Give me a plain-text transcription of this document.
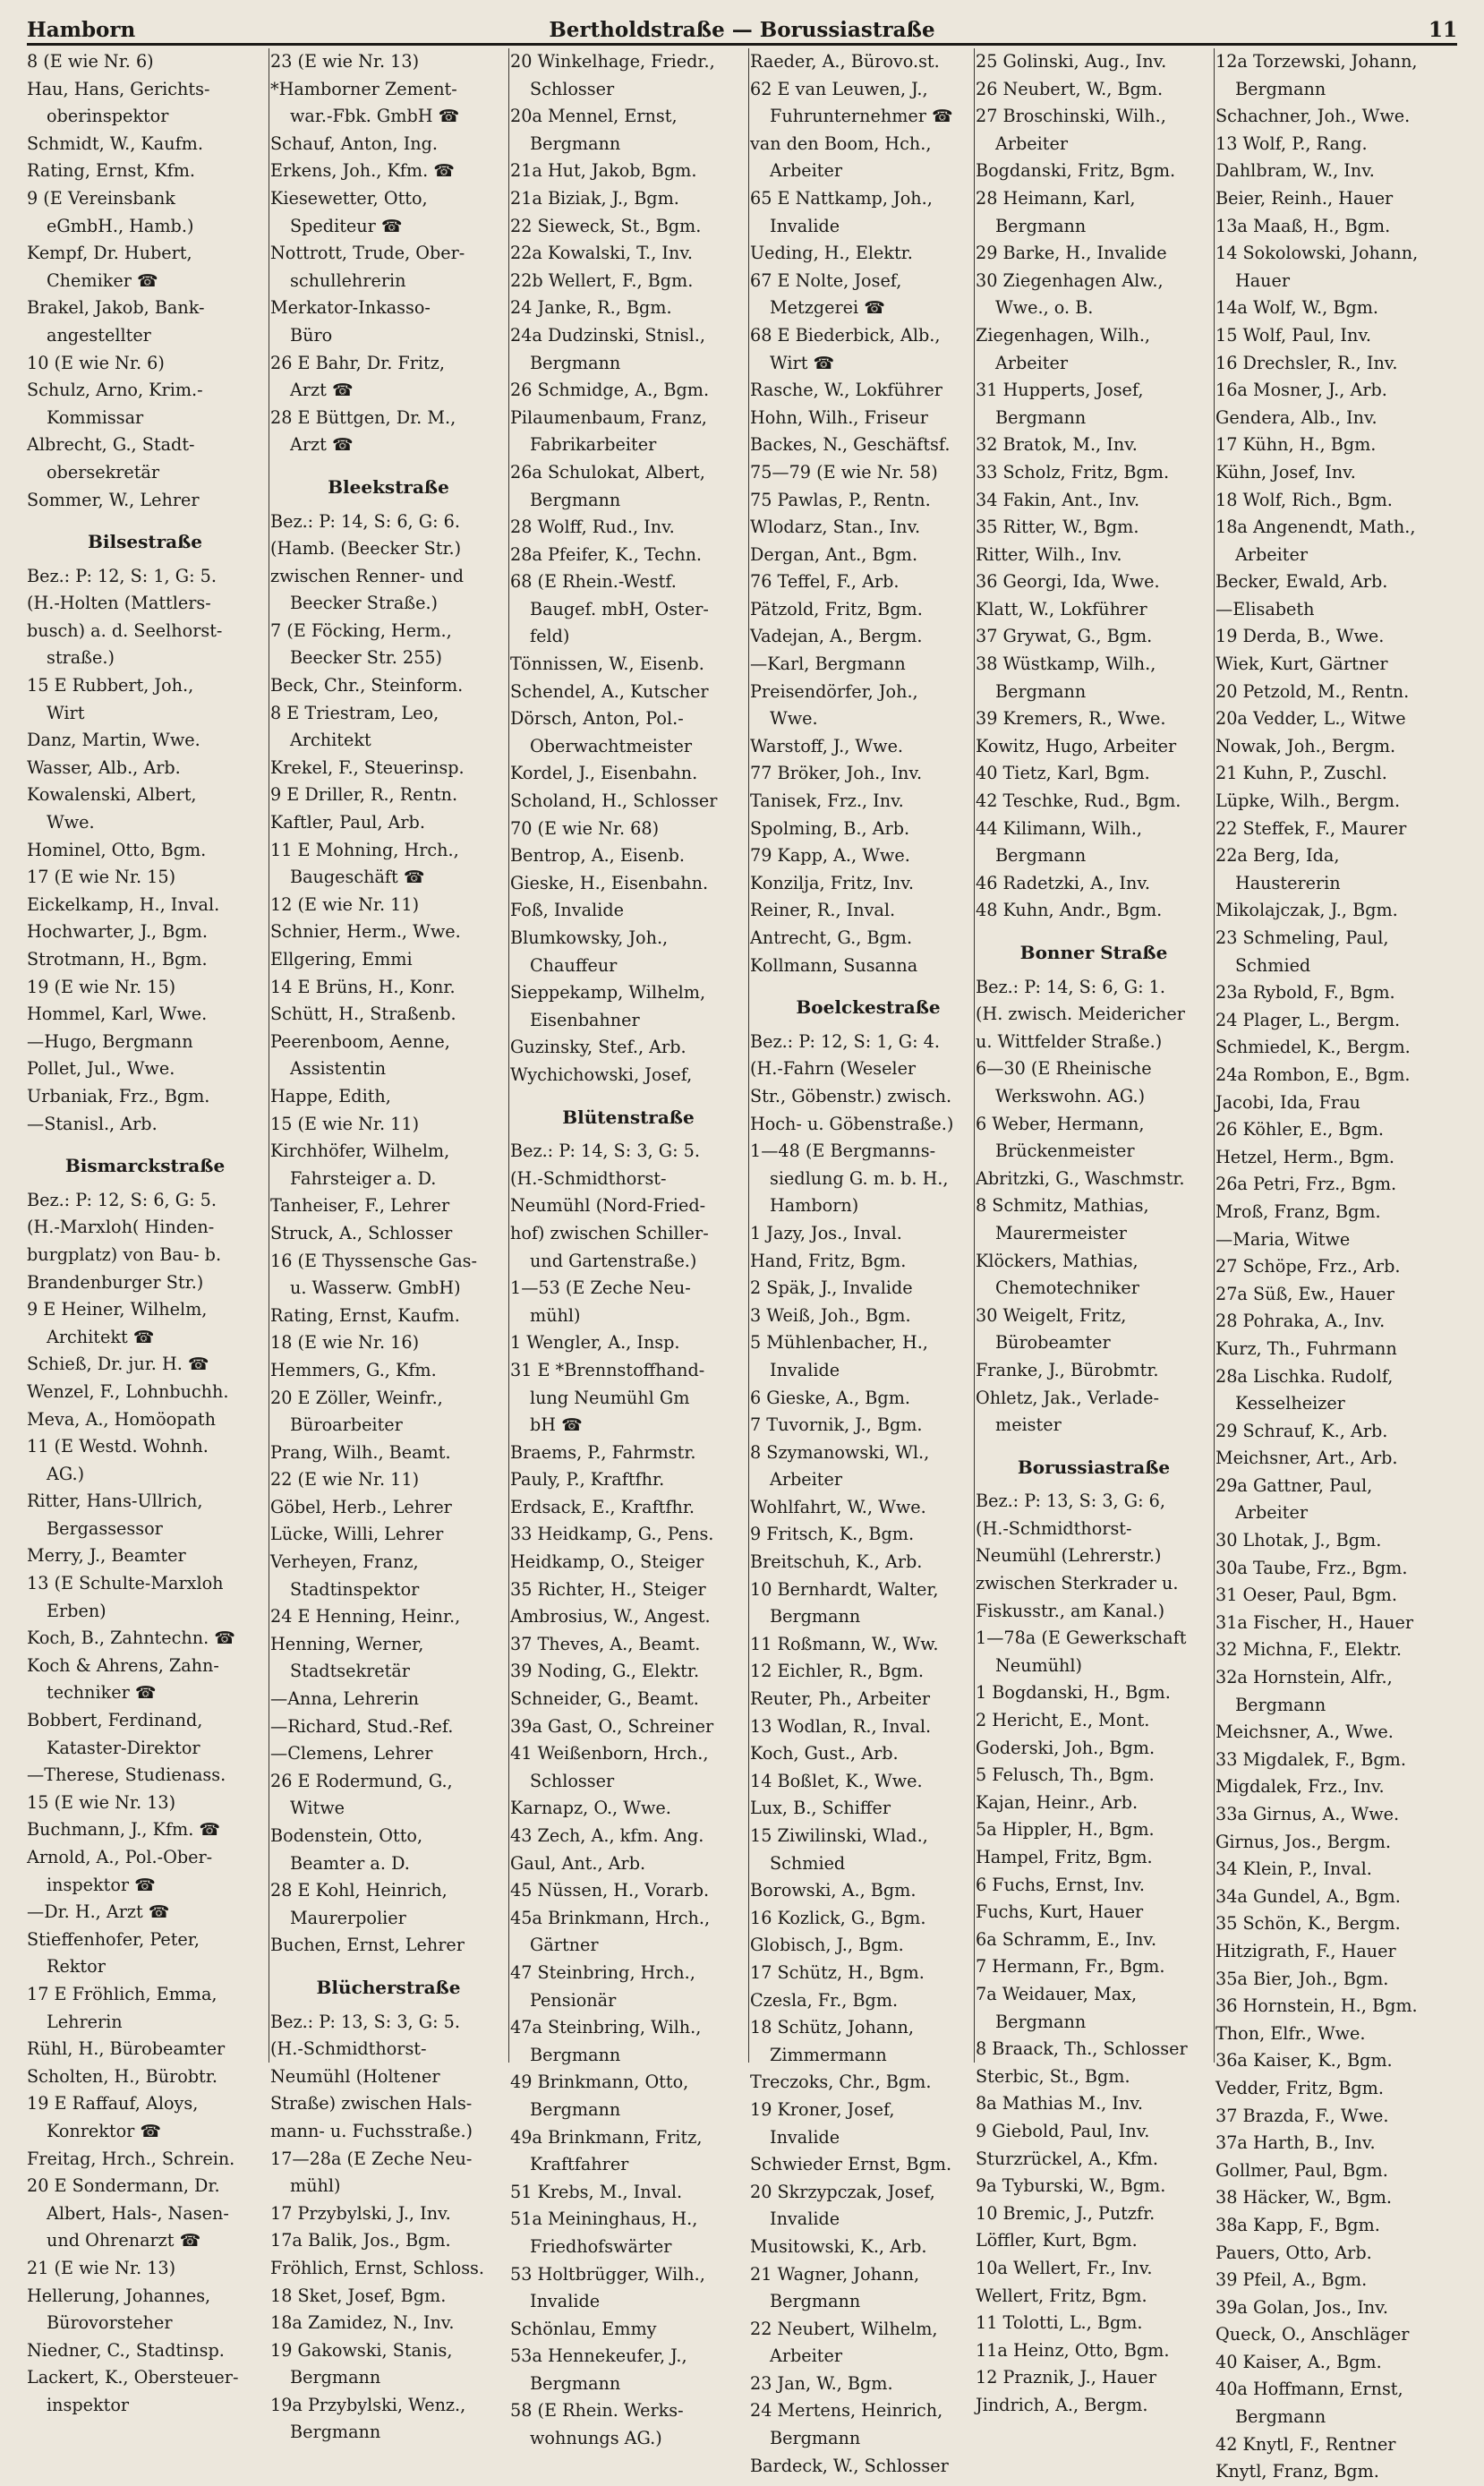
Hamborn	Bertholdstraße — Borussiastraße	11
8 (E wie Nr. 6)
Hau, Hans, Gerichts-
oberinspektor
Schmidt, W., Kaufm.
Rating, Ernst, Kfm.
9 (E Vereinsbank
eGmbH., Hamb.)
Kempf, Dr. Hubert,
Chemiker ☎
Brakel, Jakob, Bank-
angestellter
10 (E wie Nr. 6)
Schulz, Arno, Krim.-
Kommissar
Albrecht, G., Stadt-
obersekretär
Sommer, W., Lehrer
Bilsestraße
Bez.: P: 12, S: 1, G: 5.
(H.-Holten (Mattlers-
busch) a. d. Seelhorst-
straße.)
15 E Rubbert, Joh.,
Wirt
Danz, Martin, Wwe.
Wasser, Alb., Arb.
Kowalenski, Albert,
Wwe.
Hominel, Otto, Bgm.
17 (E wie Nr. 15)
Eickelkamp, H., Inval.
Hochwarter, J., Bgm.
Strotmann, H., Bgm.
19 (E wie Nr. 15)
Hommel, Karl, Wwe.
—Hugo, Bergmann
Pollet, Jul., Wwe.
Urbaniak, Frz., Bgm.
—Stanisl., Arb.
Bismarckstraße
Bez.: P: 12, S: 6, G: 5.
(H.-Marxloh( Hinden-
burgplatz) von Bau- b.
Brandenburger Str.)
9 E Heiner, Wilhelm,
Architekt ☎
Schieß, Dr. jur. H. ☎
Wenzel, F., Lohnbuchh.
Meva, A., Homöopath
11 (E Westd. Wohnh.
AG.)
Ritter, Hans-Ullrich,
Bergassessor
Merry, J., Beamter
13 (E Schulte-Marxloh
Erben)
Koch, B., Zahntechn. ☎
Koch & Ahrens, Zahn-
techniker ☎
Bobbert, Ferdinand,
Kataster-Direktor
—Therese, Studienass.
15 (E wie Nr. 13)
Buchmann, J., Kfm. ☎
Arnold, A., Pol.-Ober-
inspektor ☎
—Dr. H., Arzt ☎
Stieffenhofer, Peter,
Rektor
17 E Fröhlich, Emma,
Lehrerin
Rühl, H., Bürobeamter
Scholten, H., Bürobtr.
19 E Raffauf, Aloys,
Konrektor ☎
Freitag, Hrch., Schrein.
20 E Sondermann, Dr.
Albert, Hals-, Nasen-
und Ohrenarzt ☎
21 (E wie Nr. 13)
Hellerung, Johannes,
Bürovorsteher
Niedner, C., Stadtinsp.
Lackert, K., Obersteuer-
inspektor
23 (E wie Nr. 13)
*Hamborner Zement-
war.-Fbk. GmbH ☎
Schauf, Anton, Ing.
Erkens, Joh., Kfm. ☎
Kiesewetter, Otto,
Spediteur ☎
Nottrott, Trude, Ober-
schullehrerin
Merkator-Inkasso-
Büro
26 E Bahr, Dr. Fritz,
Arzt ☎
28 E Büttgen, Dr. M.,
Arzt ☎
Bleekstraße
Bez.: P: 14, S: 6, G: 6.
(Hamb. (Beecker Str.)
zwischen Renner- und
Beecker Straße.)
7 (E Föcking, Herm.,
Beecker Str. 255)
Beck, Chr., Steinform.
8 E Triestram, Leo,
Architekt
Krekel, F., Steuerinsp.
9 E Driller, R., Rentn.
Kaftler, Paul, Arb.
11 E Mohning, Hrch.,
Baugeschäft ☎
12 (E wie Nr. 11)
Schnier, Herm., Wwe.
Ellgering, Emmi
14 E Brüns, H., Konr.
Schütt, H., Straßenb.
Peerenboom, Aenne,
Assistentin
Happe, Edith,
15 (E wie Nr. 11)
Kirchhöfer, Wilhelm,
Fahrsteiger a. D.
Tanheiser, F., Lehrer
Struck, A., Schlosser
16 (E Thyssensche Gas-
u. Wasserw. GmbH)
Rating, Ernst, Kaufm.
18 (E wie Nr. 16)
Hemmers, G., Kfm.
20 E Zöller, Weinfr.,
Büroarbeiter
Prang, Wilh., Beamt.
22 (E wie Nr. 11)
Göbel, Herb., Lehrer
Lücke, Willi, Lehrer
Verheyen, Franz,
Stadtinspektor
24 E Henning, Heinr.,
Henning, Werner,
Stadtsekretär
—Anna, Lehrerin
—Richard, Stud.-Ref.
—Clemens, Lehrer
26 E Rodermund, G.,
Witwe
Bodenstein, Otto,
Beamter a. D.
28 E Kohl, Heinrich,
Maurerpolier
Buchen, Ernst, Lehrer
Blücherstraße
Bez.: P: 13, S: 3, G: 5.
(H.-Schmidthorst-
Neumühl (Holtener
Straße) zwischen Hals-
mann- u. Fuchsstraße.)
17—28a (E Zeche Neu-
mühl)
17 Przybylski, J., Inv.
17a Balik, Jos., Bgm.
Fröhlich, Ernst, Schloss.
18 Sket, Josef, Bgm.
18a Zamidez, N., Inv.
19 Gakowski, Stanis,
Bergmann
19a Przybylski, Wenz.,
Bergmann
20 Winkelhage, Friedr.,
Schlosser
20a Mennel, Ernst,
Bergmann
21a Hut, Jakob, Bgm.
21a Biziak, J., Bgm.
22 Sieweck, St., Bgm.
22a Kowalski, T., Inv.
22b Wellert, F., Bgm.
24 Janke, R., Bgm.
24a Dudzinski, Stnisl.,
Bergmann
26 Schmidge, A., Bgm.
Pilaumenbaum, Franz,
Fabrikarbeiter
26a Schulokat, Albert,
Bergmann
28 Wolff, Rud., Inv.
28a Pfeifer, K., Techn.
68 (E Rhein.-Westf.
Baugef. mbH, Oster-
feld)
Tönnissen, W., Eisenb.
Schendel, A., Kutscher
Dörsch, Anton, Pol.-
Oberwachtmeister
Kordel, J., Eisenbahn.
Scholand, H., Schlosser
70 (E wie Nr. 68)
Bentrop, A., Eisenb.
Gieske, H., Eisenbahn.
Foß, Invalide
Blumkowsky, Joh.,
Chauffeur
Sieppekamp, Wilhelm,
Eisenbahner
Guzinsky, Stef., Arb.
Wychichowski, Josef,
Blütenstraße
Bez.: P: 14, S: 3, G: 5.
(H.-Schmidthorst-
Neumühl (Nord-Fried-
hof) zwischen Schiller-
und Gartenstraße.)
1—53 (E Zeche Neu-
mühl)
1 Wengler, A., Insp.
31 E *Brennstoffhand-
lung Neumühl Gm
bH ☎
Braems, P., Fahrmstr.
Pauly, P., Kraftfhr.
Erdsack, E., Kraftfhr.
33 Heidkamp, G., Pens.
Heidkamp, O., Steiger
35 Richter, H., Steiger
Ambrosius, W., Angest.
37 Theves, A., Beamt.
39 Noding, G., Elektr.
Schneider, G., Beamt.
39a Gast, O., Schreiner
41 Weißenborn, Hrch.,
Schlosser
Karnapz, O., Wwe.
43 Zech, A., kfm. Ang.
Gaul, Ant., Arb.
45 Nüssen, H., Vorarb.
45a Brinkmann, Hrch.,
Gärtner
47 Steinbring, Hrch.,
Pensionär
47a Steinbring, Wilh.,
Bergmann
49 Brinkmann, Otto,
Bergmann
49a Brinkmann, Fritz,
Kraftfahrer
51 Krebs, M., Inval.
51a Meininghaus, H.,
Friedhofswärter
53 Holtbrügger, Wilh.,
Invalide
Schönlau, Emmy
53a Hennekeufer, J.,
Bergmann
58 (E Rhein. Werks-
wohnungs AG.)
Raeder, A., Bürovo.st.
62 E van Leuwen, J.,
Fuhrunternehmer ☎
van den Boom, Hch.,
Arbeiter
65 E Nattkamp, Joh.,
Invalide
Ueding, H., Elektr.
67 E Nolte, Josef,
Metzgerei ☎
68 E Biederbick, Alb.,
Wirt ☎
Rasche, W., Lokführer
Hohn, Wilh., Friseur
Backes, N., Geschäftsf.
75—79 (E wie Nr. 58)
75 Pawlas, P., Rentn.
Wlodarz, Stan., Inv.
Dergan, Ant., Bgm.
76 Teffel, F., Arb.
Pätzold, Fritz, Bgm.
Vadejan, A., Bergm.
—Karl, Bergmann
Preisendörfer, Joh.,
Wwe.
Warstoff, J., Wwe.
77 Bröker, Joh., Inv.
Tanisek, Frz., Inv.
Spolming, B., Arb.
79 Kapp, A., Wwe.
Konzilja, Fritz, Inv.
Reiner, R., Inval.
Antrecht, G., Bgm.
Kollmann, Susanna
Boelckestraße
Bez.: P: 12, S: 1, G: 4.
(H.-Fahrn (Weseler
Str., Göbenstr.) zwisch.
Hoch- u. Göbenstraße.)
1—48 (E Bergmanns-
siedlung G. m. b. H.,
Hamborn)
1 Jazy, Jos., Inval.
Hand, Fritz, Bgm.
2 Späk, J., Invalide
3 Weiß, Joh., Bgm.
5 Mühlenbacher, H.,
Invalide
6 Gieske, A., Bgm.
7 Tuvornik, J., Bgm.
8 Szymanowski, Wl.,
Arbeiter
Wohlfahrt, W., Wwe.
9 Fritsch, K., Bgm.
Breitschuh, K., Arb.
10 Bernhardt, Walter,
Bergmann
11 Roßmann, W., Ww.
12 Eichler, R., Bgm.
Reuter, Ph., Arbeiter
13 Wodlan, R., Inval.
Koch, Gust., Arb.
14 Boßlet, K., Wwe.
Lux, B., Schiffer
15 Ziwilinski, Wlad.,
Schmied
Borowski, A., Bgm.
16 Kozlick, G., Bgm.
Globisch, J., Bgm.
17 Schütz, H., Bgm.
Czesla, Fr., Bgm.
18 Schütz, Johann,
Zimmermann
Treczoks, Chr., Bgm.
19 Kroner, Josef,
Invalide
Schwieder Ernst, Bgm.
20 Skrzypczak, Josef,
Invalide
Musitowski, K., Arb.
21 Wagner, Johann,
Bergmann
22 Neubert, Wilhelm,
Arbeiter
23 Jan, W., Bgm.
24 Mertens, Heinrich,
Bergmann
Bardeck, W., Schlosser
25 Golinski, Aug., Inv.
26 Neubert, W., Bgm.
27 Broschinski, Wilh.,
Arbeiter
Bogdanski, Fritz, Bgm.
28 Heimann, Karl,
Bergmann
29 Barke, H., Invalide
30 Ziegenhagen Alw.,
Wwe., o. B.
Ziegenhagen, Wilh.,
Arbeiter
31 Hupperts, Josef,
Bergmann
32 Bratok, M., Inv.
33 Scholz, Fritz, Bgm.
34 Fakin, Ant., Inv.
35 Ritter, W., Bgm.
Ritter, Wilh., Inv.
36 Georgi, Ida, Wwe.
Klatt, W., Lokführer
37 Grywat, G., Bgm.
38 Wüstkamp, Wilh.,
Bergmann
39 Kremers, R., Wwe.
Kowitz, Hugo, Arbeiter
40 Tietz, Karl, Bgm.
42 Teschke, Rud., Bgm.
44 Kilimann, Wilh.,
Bergmann
46 Radetzki, A., Inv.
48 Kuhn, Andr., Bgm.
Bonner Straße
Bez.: P: 14, S: 6, G: 1.
(H. zwisch. Meidericher
u. Wittfelder Straße.)
6—30 (E Rheinische
Werkswohn. AG.)
6 Weber, Hermann,
Brückenmeister
Abritzki, G., Waschmstr.
8 Schmitz, Mathias,
Maurermeister
Klöckers, Mathias,
Chemotechniker
30 Weigelt, Fritz,
Bürobeamter
Franke, J., Bürobmtr.
Ohletz, Jak., Verlade-
meister
Borussiastraße
Bez.: P: 13, S: 3, G: 6,
(H.-Schmidthorst-
Neumühl (Lehrerstr.)
zwischen Sterkrader u.
Fiskusstr., am Kanal.)
1—78a (E Gewerkschaft
Neumühl)
1 Bogdanski, H., Bgm.
2 Hericht, E., Mont.
Goderski, Joh., Bgm.
5 Felusch, Th., Bgm.
Kajan, Heinr., Arb.
5a Hippler, H., Bgm.
Hampel, Fritz, Bgm.
6 Fuchs, Ernst, Inv.
Fuchs, Kurt, Hauer
6a Schramm, E., Inv.
7 Hermann, Fr., Bgm.
7a Weidauer, Max,
Bergmann
8 Braack, Th., Schlosser
Sterbic, St., Bgm.
8a Mathias M., Inv.
9 Giebold, Paul, Inv.
Sturzrückel, A., Kfm.
9a Tyburski, W., Bgm.
10 Bremic, J., Putzfr.
Löffler, Kurt, Bgm.
10a Wellert, Fr., Inv.
Wellert, Fritz, Bgm.
11 Tolotti, L., Bgm.
11a Heinz, Otto, Bgm.
12 Praznik, J., Hauer
Jindrich, A., Bergm.
12a Torzewski, Johann,
Bergmann
Schachner, Joh., Wwe.
13 Wolf, P., Rang.
Dahlbram, W., Inv.
Beier, Reinh., Hauer
13a Maaß, H., Bgm.
14 Sokolowski, Johann,
Hauer
14a Wolf, W., Bgm.
15 Wolf, Paul, Inv.
16 Drechsler, R., Inv.
16a Mosner, J., Arb.
Gendera, Alb., Inv.
17 Kühn, H., Bgm.
Kühn, Josef, Inv.
18 Wolf, Rich., Bgm.
18a Angenendt, Math.,
Arbeiter
Becker, Ewald, Arb.
—Elisabeth
19 Derda, B., Wwe.
Wiek, Kurt, Gärtner
20 Petzold, M., Rentn.
20a Vedder, L., Witwe
Nowak, Joh., Bergm.
21 Kuhn, P., Zuschl.
Lüpke, Wilh., Bergm.
22 Steffek, F., Maurer
22a Berg, Ida,
Haustererin
Mikolajczak, J., Bgm.
23 Schmeling, Paul,
Schmied
23a Rybold, F., Bgm.
24 Plager, L., Bergm.
Schmiedel, K., Bergm.
24a Rombon, E., Bgm.
Jacobi, Ida, Frau
26 Köhler, E., Bgm.
Hetzel, Herm., Bgm.
26a Petri, Frz., Bgm.
Mroß, Franz, Bgm.
—Maria, Witwe
27 Schöpe, Frz., Arb.
27a Süß, Ew., Hauer
28 Pohraka, A., Inv.
Kurz, Th., Fuhrmann
28a Lischka. Rudolf,
Kesselheizer
29 Schrauf, K., Arb.
Meichsner, Art., Arb.
29a Gattner, Paul,
Arbeiter
30 Lhotak, J., Bgm.
30a Taube, Frz., Bgm.
31 Oeser, Paul, Bgm.
31a Fischer, H., Hauer
32 Michna, F., Elektr.
32a Hornstein, Alfr.,
Bergmann
Meichsner, A., Wwe.
33 Migdalek, F., Bgm.
Migdalek, Frz., Inv.
33a Girnus, A., Wwe.
Girnus, Jos., Bergm.
34 Klein, P., Inval.
34a Gundel, A., Bgm.
35 Schön, K., Bergm.
Hitzigrath, F., Hauer
35a Bier, Joh., Bgm.
36 Hornstein, H., Bgm.
Thon, Elfr., Wwe.
36a Kaiser, K., Bgm.
Vedder, Fritz, Bgm.
37 Brazda, F., Wwe.
37a Harth, B., Inv.
Gollmer, Paul, Bgm.
38 Häcker, W., Bgm.
38a Kapp, F., Bgm.
Pauers, Otto, Arb.
39 Pfeil, A., Bgm.
39a Golan, Jos., Inv.
Queck, O., Anschläger
40 Kaiser, A., Bgm.
40a Hoffmann, Ernst,
Bergmann
42 Knytl, F., Rentner
Knytl, Franz, Bgm.
